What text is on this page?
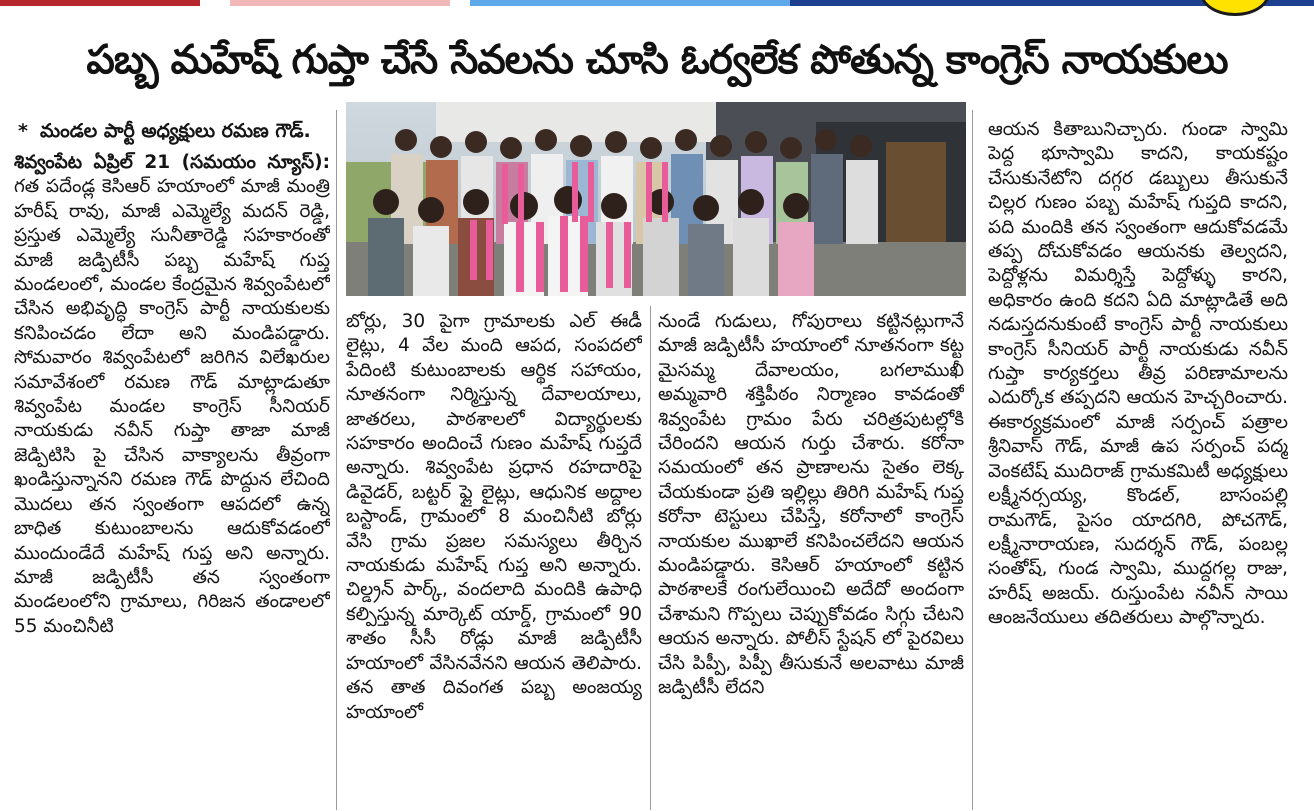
పబ్బ మహేష్ గుప్తా చేసే సేవలను చూసి ఓర్వలేక పోతున్న కాంగ్రెస్ నాయకులు
* మండల పార్టీ అధ్యక్షులు రమణ గౌడ్.

శివ్వంపేట ఏప్రిల్ 21 (సమయం న్యూస్): గత పదేండ్ల కెసిఆర్ హయాంలో మాజీ మంత్రి హరీష్ రావు, మాజీ ఎమ్మెల్యే మదన్ రెడ్డి, ప్రస్తుత ఎమ్మెల్యే సునీతారెడ్డి సహకారంతో మాజీ జడ్పిటీసీ పబ్బ మహేష్ గుప్త మండలంలో, మండల కేంద్రమైన శివ్వంపేటలో చేసిన అభివృద్ధి కాంగ్రెస్ పార్టీ నాయకులకు కనిపించడం లేదా అని మండిపడ్డారు. సోమవారం శివ్వంపేటలో జరిగిన విలేఖరుల సమావేశంలో రమణ గౌడ్ మాట్లాడుతూ శివ్వంపేట మండల కాంగ్రెస్ సీనియర్ నాయకుడు నవీన్ గుప్తా తాజా మాజీ జెడ్పిటిసి పై చేసిన వాక్యాలను తీవ్రంగా ఖండిస్తున్నానని రమణ గౌడ్ పొద్దున లేచింది మొదలు తన స్వంతంగా ఆపదలో ఉన్న బాధిత కుటుంబాలను ఆదుకోవడంలో ముందుండేదే మహేష్ గుప్త అని అన్నారు. మాజీ జడ్పిటీసీ తన స్వంతంగా మండలంలోని గ్రామాలు, గిరిజన తండాలలో 55 మంచినీటి

బోర్లు, 30 పైగా గ్రామాలకు ఎల్ ఈడీ లైట్లు, 4 వేల మంది ఆపద, సంపదలో పేదింటి కుటుంబాలకు ఆర్థిక సహాయం, నూతనంగా నిర్మిస్తున్న దేవాలయాలు, జాతరలు, పాఠశాలలో విద్యార్థులకు సహకారం అందించే గుణం మహేష్ గుప్తదే అన్నారు. శివ్వంపేట ప్రధాన రహదారిపై డివైడర్, బట్టర్ ఫ్లై లైట్లు, ఆధునిక అద్దాల బస్టాండ్, గ్రామంలో 8 మంచినీటి బోర్లు వేసి గ్రామ ప్రజల సమస్యలు తీర్చిన నాయకుడు మహేష్ గుప్త అని అన్నారు. చిల్డ్రన్ పార్క్, వందలాది మందికి ఉపాధి కల్పిస్తున్న మార్కెట్ యార్డ్, గ్రామంలో 90 శాతం సీసీ రోడ్లు మాజీ జడ్పిటీసీ హయాంలో వేసినవేనని ఆయన తెలిపారు. తన తాత దివంగత పబ్బ అంజయ్య హయాంలో

నుండే గుడులు, గోపురాలు కట్టినట్లుగానే మాజీ జడ్పిటీసీ హయాంలో నూతనంగా కట్ట మైసమ్మ దేవాలయం, బగలాముఖీ అమ్మవారి శక్తిపీఠం నిర్మాణం కావడంతో శివ్వంపేట గ్రామం పేరు చరిత్రపుటల్లోకి చేరిందని ఆయన గుర్తు చేశారు. కరోనా సమయంలో తన ప్రాణాలను సైతం లెక్క చేయకుండా ప్రతి ఇల్లిల్లు తిరిగి మహేష్ గుప్త కరోనా టెస్టులు చేపిస్తే, కరోనాలో కాంగ్రెస్ నాయకుల ముఖాలే కనిపించలేదని ఆయన మండిపడ్డారు. కెసిఆర్ హయాంలో కట్టిన పాఠశాలకే రంగులేయించి అదేదో అందంగా చేశామని గొప్పలు చెప్పుకోవడం సిగ్గు చేటని ఆయన అన్నారు. పోలీస్ స్టేషన్ లో పైరవిలు చేసి పిప్పీ, పిప్పీ తీసుకునే అలవాటు మాజీ జడ్పిటీసీ లేదని

ఆయన కితాబునిచ్చారు. గుండా స్వామి పెద్ద భూస్వామి కాదని, కాయకష్టం చేసుకునేటోని దగ్గర డబ్బులు తీసుకునే చిల్లర గుణం పబ్బ మహేష్ గుప్తది కాదని, పది మందికి తన స్వంతంగా ఆదుకోవడమే తప్ప దోచుకోవడం ఆయనకు తెల్వదని, పెద్దోళ్లను విమర్శిస్తే పెద్దోళ్ళు కారని, అధికారం ఉంది కదని ఏది మాట్లాడితే అది నడుస్తదనుకుంటే కాంగ్రెస్ పార్టీ నాయకులు కాంగ్రెస్ సీనియర్ పార్టీ నాయకుడు నవీన్ గుప్తా కార్యకర్తలు తీవ్ర పరిణామాలను ఎదుర్కోక తప్పదని ఆయన హెచ్చరించారు. ఈకార్యక్రమంలో మాజీ సర్పంచ్ పత్రాల శ్రీనివాస్ గౌడ్, మాజీ ఉప సర్పంచ్ పద్మ వెంకటేష్ ముదిరాజ్ గ్రామకమిటీ అధ్యక్షులు లక్ష్మీనర్సయ్య, కొండల్, బాసంపల్లి రామగౌడ్, పైసం యాదగిరి, పోచగౌడ్, లక్ష్మీనారాయణ, సుదర్శన్ గౌడ్, పంబల్ల సంతోష్, గుండ స్వామి, ముద్దగల్ల రాజు, హరీష్ అజయ్. రుస్తుంపేట నవీన్ సాయి ఆంజనేయులు తదితరులు పాల్గొన్నారు.
